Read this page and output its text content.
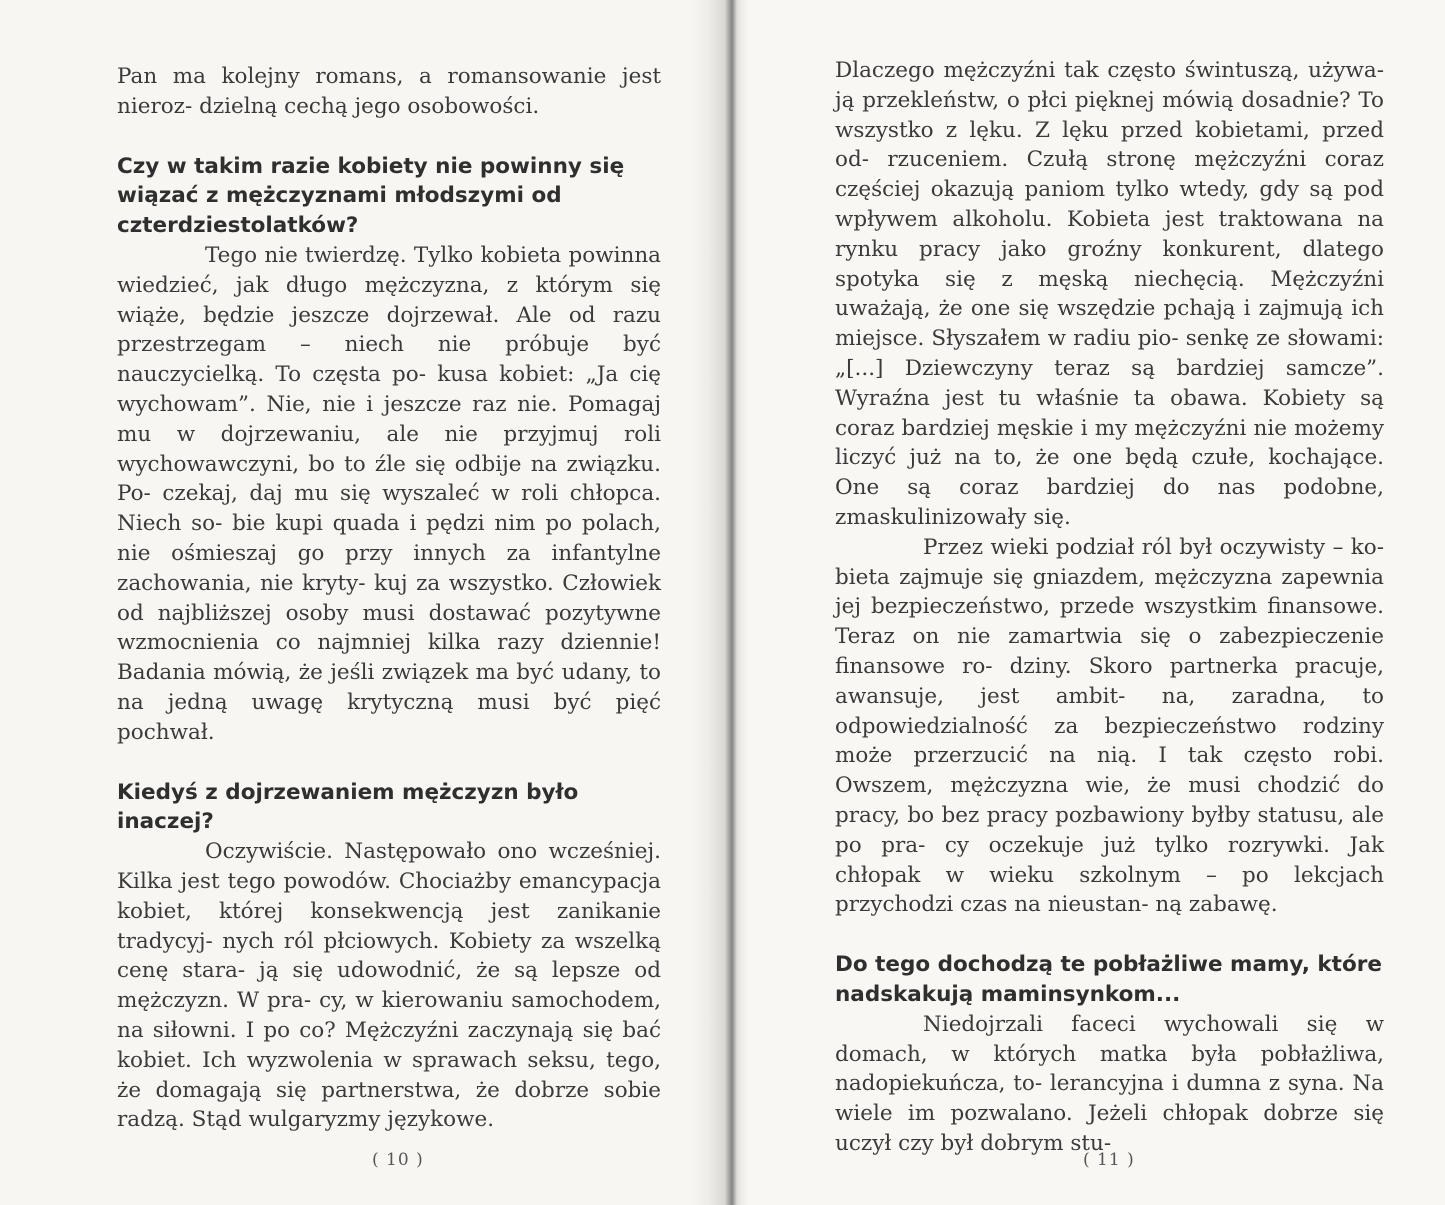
Pan ma kolejny romans, a romansowanie jest nieroz- dzielną cechą jego osobowości.

Czy w takim razie kobiety nie powinny się wiązać z mężczyznami młodszymi od czterdziestolatków?

Tego nie twierdzę. Tylko kobieta powinna wiedzieć, jak długo mężczyzna, z którym się wiąże, będzie jeszcze dojrzewał. Ale od razu przestrzegam – niech nie próbuje być nauczycielką. To częsta po- kusa kobiet: „Ja cię wychowam”. Nie, nie i jeszcze raz nie. Pomagaj mu w dojrzewaniu, ale nie przyjmuj roli wychowawczyni, bo to źle się odbije na związku. Po- czekaj, daj mu się wyszaleć w roli chłopca. Niech so- bie kupi quada i pędzi nim po polach, nie ośmieszaj go przy innych za infantylne zachowania, nie kryty- kuj za wszystko. Człowiek od najbliższej osoby musi dostawać pozytywne wzmocnienia co najmniej kilka razy dziennie! Badania mówią, że jeśli związek ma być udany, to na jedną uwagę krytyczną musi być pięć pochwał.

Kiedyś z dojrzewaniem mężczyzn było inaczej?

Oczywiście. Następowało ono wcześniej. Kilka jest tego powodów. Chociażby emancypacja kobiet, której konsekwencją jest zanikanie tradycyj- nych ról płciowych. Kobiety za wszelką cenę stara- ją się udowodnić, że są lepsze od mężczyzn. W pra- cy, w kierowaniu samochodem, na siłowni. I po co? Mężczyźni zaczynają się bać kobiet. Ich wyzwolenia w sprawach seksu, tego, że domagają się partnerstwa, że dobrze sobie radzą. Stąd wulgaryzmy językowe.

( 10 )

Dlaczego mężczyźni tak często świntuszą, używa- ją przekleństw, o płci pięknej mówią dosadnie? To wszystko z lęku. Z lęku przed kobietami, przed od- rzuceniem. Czułą stronę mężczyźni coraz częściej okazują paniom tylko wtedy, gdy są pod wpływem alkoholu. Kobieta jest traktowana na rynku pracy jako groźny konkurent, dlatego spotyka się z męską niechęcią. Mężczyźni uważają, że one się wszędzie pchają i zajmują ich miejsce. Słyszałem w radiu pio- senkę ze słowami: „[...] Dziewczyny teraz są bardziej samcze”. Wyraźna jest tu właśnie ta obawa. Kobiety są coraz bardziej męskie i my mężczyźni nie możemy liczyć już na to, że one będą czułe, kochające. One są coraz bardziej do nas podobne, zmaskulinizowały się.

Przez wieki podział ról był oczywisty – ko- bieta zajmuje się gniazdem, mężczyzna zapewnia jej bezpieczeństwo, przede wszystkim finansowe. Teraz on nie zamartwia się o zabezpieczenie finansowe ro- dziny. Skoro partnerka pracuje, awansuje, jest ambit- na, zaradna, to odpowiedzialność za bezpieczeństwo rodziny może przerzucić na nią. I tak często robi. Owszem, mężczyzna wie, że musi chodzić do pracy, bo bez pracy pozbawiony byłby statusu, ale po pra- cy oczekuje już tylko rozrywki. Jak chłopak w wieku szkolnym – po lekcjach przychodzi czas na nieustan- ną zabawę.

Do tego dochodzą te pobłażliwe mamy, które nadskakują maminsynkom...

Niedojrzali faceci wychowali się w domach, w których matka była pobłażliwa, nadopiekuńcza, to- lerancyjna i dumna z syna. Na wiele im pozwalano. Jeżeli chłopak dobrze się uczył czy był dobrym stu-

( 11 )
